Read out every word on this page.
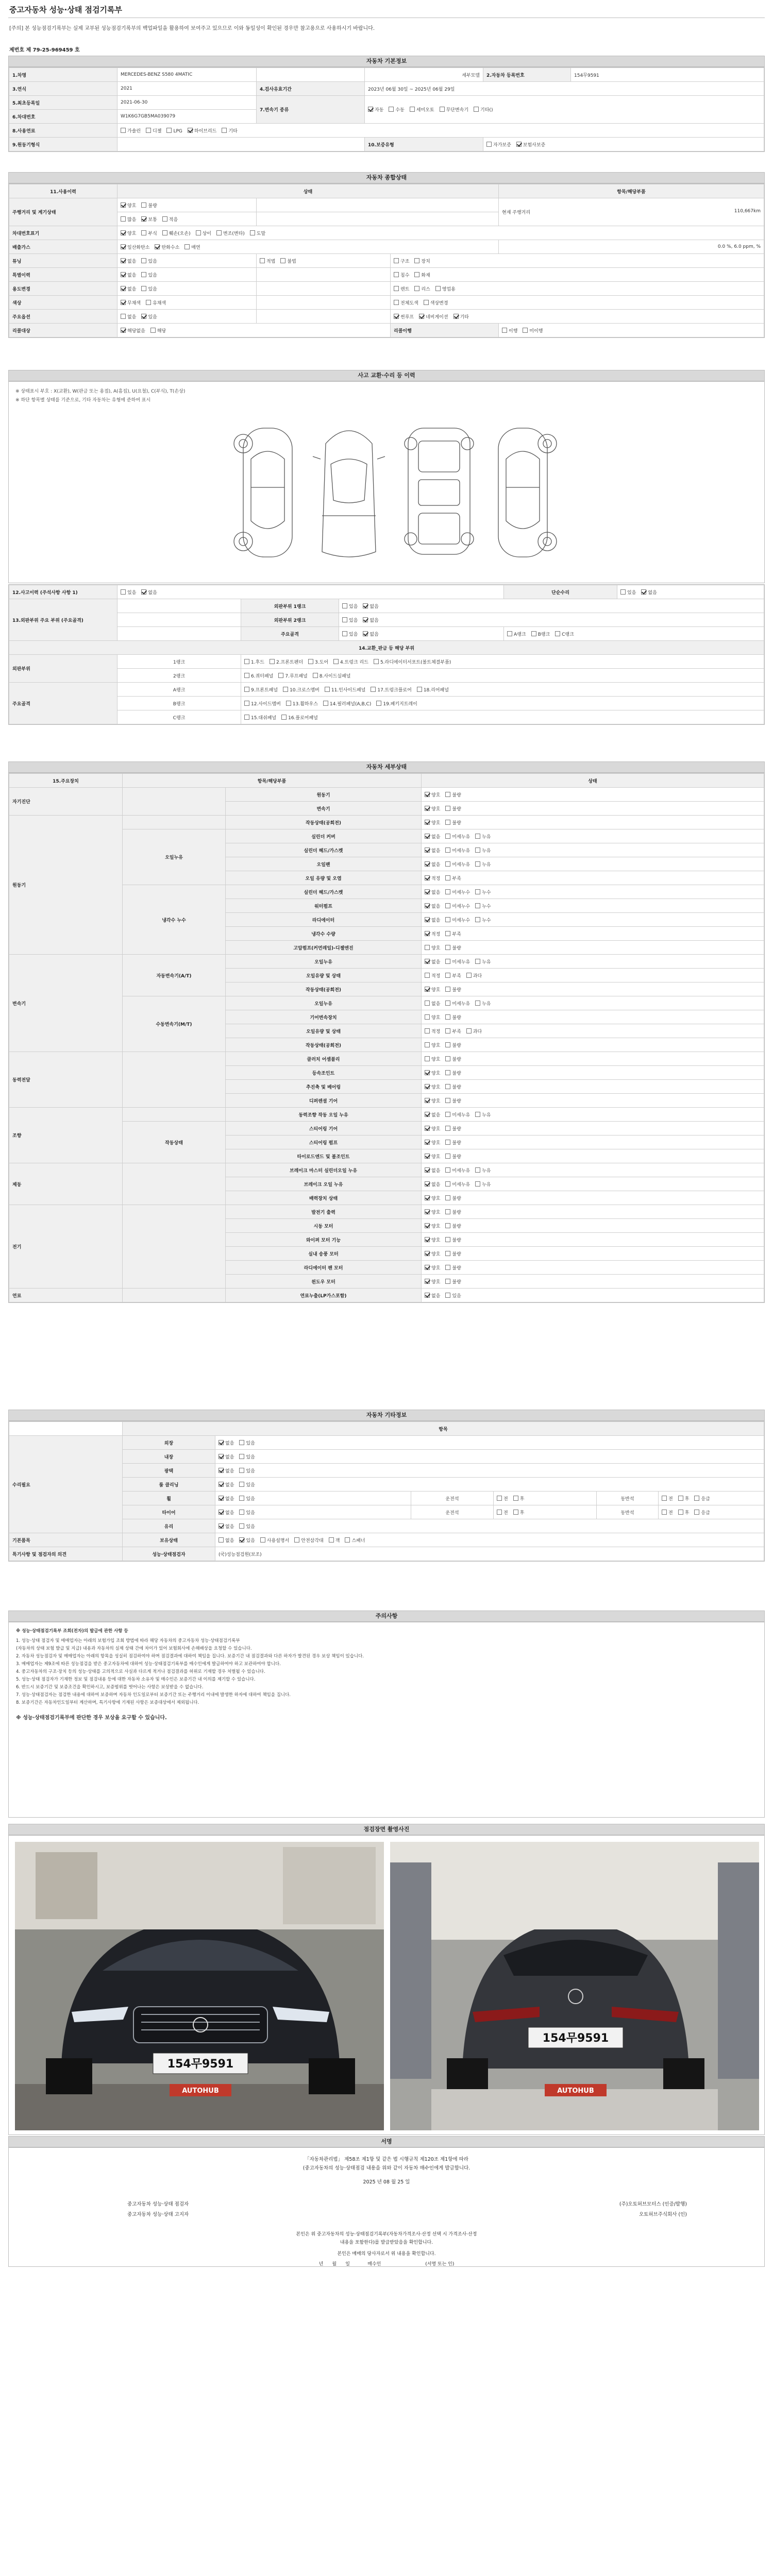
중고자동차 성능·상태 점검기록부
[주의] 본 성능점검기록부는 실제 교부된 성능점검기록부의 백업파일을 활용하여 보여주고 있으므로 이와 동일성이 확인된 경우만 참고용으로 사용하시기 바랍니다.
제번호 제 79-25-969459 호
자동차 기본정보
1.차명	MERCEDES-BENZ S580 4MATIC		세부모델	2.자동차 등록번호	154무9591
3.연식	2021	4.검사유효기간	2023년 06월 30일 ~ 2025년 06월 29일		
5.최초등록일	2021-06-30	7.변속기 종류	자동 수동 세미오토 무단변속기 기타()		
6.차대번호	W1K6G7GB5MA039079				
8.사용연료	가솔린 디젤 LPG 하이브리드 기타				
9.원동기형식			10.보증유형	자가보증 보험사보증	
자동차 종합상태
11.사용이력	상태			항목/해당부품
주행거리 및 계기상태	양호 불량			현재 주행거리 110,667km

	많음 보통 적음			
차대번호표기	양호 부식 훼손(오손) 상이 변조(변타) 도말			
배출가스	일산화탄소 탄화수소 매연			0.0 %, 6.0 ppm, %
튜닝	없음 있음	적법 불법	구조 장치	
특별이력	없음 있음		침수 화재	
용도변경	없음 있음		렌트 리스 영업용	
색상	무채색 유채색		전체도색 색상변경	
주요옵션	없음 있음		썬루프 네비게이션 기타	
리콜대상	해당없음 해당		리콜이행	이행 미이행
사고 교환·수리 등 이력
※ 상태표시 부호 : X(교환), W(판금 또는 용접), A(흠집), U(요철), C(부식), T(손상)
※ 하단 항목별 상태를 기준으로, 기타 자동차는 유형에 준하여 표시
12.사고이력 (주석사항 사항 1)	있음 없음			단순수리	있음 없음
13.외판부위 주요 부위 (주요골격)		외판부위 1랭크	있음 없음		
		외판부위 2랭크	있음 없음		
		주요골격	있음 없음	A랭크 B랭크 C랭크	
14.교환_판금 등 해당 부위					
외판부위	1랭크	1.후드 2.프론트펜더 3.도어 4.트렁크 리드 5.라디에이터서포트(볼트체결부품)			
	2랭크	6.쿼터패널 7.루프패널 8.사이드실패널			
주요골격	A랭크	9.프론트패널 10.크로스멤버 11.인사이드패널 17.트렁크플로어 18.리어패널			
	B랭크	12.사이드멤버 13.휠하우스 14.필러패널(A,B,C) 19.패키지트레이			
	C랭크	15.대쉬패널 16.플로어패널			
자동차 세부상태
15.주요장치	항목/해당부품		상태
자기진단		원동기	양호 불량
		변속기	양호 불량
원동기		작동상태(공회전)	양호 불량
	오일누유	실린더 커버	없음 미세누유 누유
		실린더 헤드/가스켓	없음 미세누유 누유
		오일팬	없음 미세누유 누유
		오일 유량 및 오염	적정 부족
	냉각수 누수	실린더 헤드/가스켓	없음 미세누수 누수
		워터펌프	없음 미세누수 누수
		라디에이터	없음 미세누수 누수
		냉각수 수량	적정 부족
		고압펌프(커먼레일)-디젤엔진	양호 불량
변속기	자동변속기(A/T)	오일누유	없음 미세누유 누유
		오일유량 및 상태	적정 부족 과다
		작동상태(공회전)	양호 불량
	수동변속기(M/T)	오일누유	없음 미세누유 누유
		기어변속장치	양호 불량
		오일유량 및 상태	적정 부족 과다
		작동상태(공회전)	양호 불량
동력전달		클러치 어셈블리	양호 불량
		등속조인트	양호 불량
		추진축 및 베어링	양호 불량
		디퍼렌셜 기어	양호 불량
조향		동력조향 작동 오일 누유	없음 미세누유 누유
	작동상태	스티어링 기어	양호 불량
		스티어링 펌프	양호 불량
		타이로드엔드 및 볼조인트	양호 불량
제동		브레이크 마스터 실린더오일 누유	없음 미세누유 누유
		브레이크 오일 누유	없음 미세누유 누유
		배력장치 상태	양호 불량
전기		발전기 출력	양호 불량
		시동 모터	양호 불량
		와이퍼 모터 기능	양호 불량
		실내 송풍 모터	양호 불량
		라디에이터 팬 모터	양호 불량
		윈도우 모터	양호 불량
연료		연료누출(LP가스포함)	없음 있음
자동차 기타정보
	항목					
수리필요	외장	없음 있음				
	내장	없음 있음				
	광택	없음 있음				
	룸 클리닝	없음 있음				
	휠	없음 있음	운전석	전 후	동반석	전 후 응급
	타이어	없음 있음	운전석	전 후	동반석	전 후 응급
	유리	없음 있음				
기본품목	보유상태	없음 있음 사용설명서 안전삼각대 잭 스패너				
특기사항 및 점검자의 의견	성능·상태점검자	(국)성능점검원(보조)				
주의사항
※ 성능·상태점검기록부 조회(전자)의 발급에 관한 사항 등
1. 성능·상태 점검자 및 매매업자는 아래의 보험가입 조회 방법에 따라 해당 자동차의 중고자동차 성능·상태점검기록부
(자동차의 상태 보험 발급 및 지급) 내용과 자동차의 실제 상태 간에 차이가 있어 보험회사에 손해배상을 요청할 수 있습니다.
2. 자동차 성능점검자 및 매매업자는 아래의 항목을 성실히 점검하여야 하며 점검결과에 대하여 책임을 집니다. 보증기간 내 점검결과와 다른 하자가 발견된 경우 보상 책임이 있습니다.
3. 매매업자는 제9조에 따른 성능점검을 받은 중고자동차에 대하여 성능·상태점검기록부를 매수인에게 발급하여야 하고 보관하여야 합니다.
4. 중고자동차의 구조·장치 등의 성능·상태를 고의적으로 사실과 다르게 적거나 점검결과를 허위로 기재할 경우 처벌될 수 있습니다.
5. 성능·상태 점검자가 기재한 정보 및 점검내용 등에 대한 자동차 소유자 및 매수인은 보증기간 내 이의를 제기할 수 있습니다.
6. 반드시 보증기간 및 보증조건을 확인하시고, 보증범위를 벗어나는 사항은 보상받을 수 없습니다.
7. 성능·상태점검자는 점검한 내용에 대하여 보증하며 자동차 인도일로부터 보증기간 또는 주행거리 이내에 발생한 하자에 대하여 책임을 집니다.
8. 보증기간은 자동차인도일부터 계산하며, 특기사항에 기재된 사항은 보증대상에서 제외됩니다.
※ 성능·상태점검기록부에 판단한 경우 보상을 요구할 수 있습니다.
점검장면 촬영사진
154무9591
AUTOHUB
154무9591
AUTOHUB
서명
「자동차관리법」 제58조 제1항 및 같은 법 시행규칙 제120조 제1항에 따라
(중고자동차의 성능·상태점검 내용을 위와 같이 자동차 매수인에게 발급합니다.
2025 년 08 월 25 일
중고자동차 성능·상태 점검자
중고자동차 성능·상태 고지자
(주)오토허브모터스 (인증/발행)
오토허브주식회사 (인)
본인은 위 중고자동차의 성능·상태점검기록부(자동차가격조사·산정 선택 시 가격조사·산정
내용을 포함한다)를 발급받았음을 확인합니다.
본인은 매매의 당사자로서 위 내용을 확인합니다.
년      월      일            매수인                              (서명 또는 인)
